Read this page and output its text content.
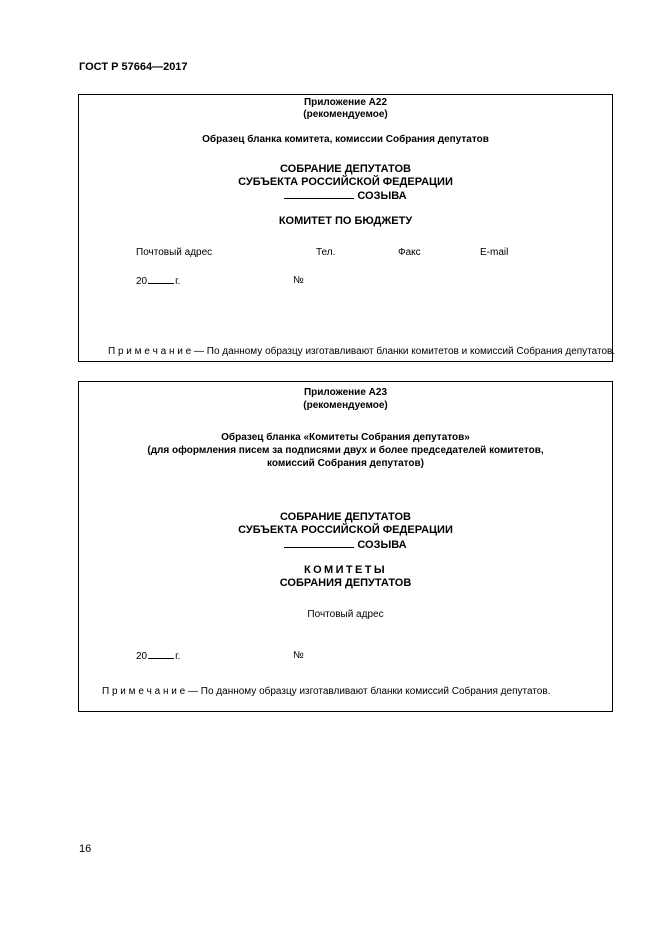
ГОСТ Р 57664—2017
Приложение А22
(рекомендуемое)
Образец бланка комитета, комиссии Собрания депутатов
СОБРАНИЕ ДЕПУТАТОВ
СУБЪЕКТА РОССИЙСКОЙ ФЕДЕРАЦИИ
СОЗЫВА
КОМИТЕТ ПО БЮДЖЕТУ
Почтовый адрес	Тел.	Факс	E-mail
20	г.	№
П р и м е ч а н и е — По данному образцу изготавливают бланки комитетов и комиссий Собрания депутатов.
Приложение А23
(рекомендуемое)
Образец бланка «Комитеты Собрания депутатов»
(для оформления писем за подписями двух и более председателей комитетов,
комиссий Собрания депутатов)
СОБРАНИЕ ДЕПУТАТОВ
СУБЪЕКТА РОССИЙСКОЙ ФЕДЕРАЦИИ
СОЗЫВА
КОМИТЕТЫ
СОБРАНИЯ ДЕПУТАТОВ
Почтовый адрес
20	г.	№
П р и м е ч а н и е — По данному образцу изготавливают бланки комиссий Собрания депутатов.
16
